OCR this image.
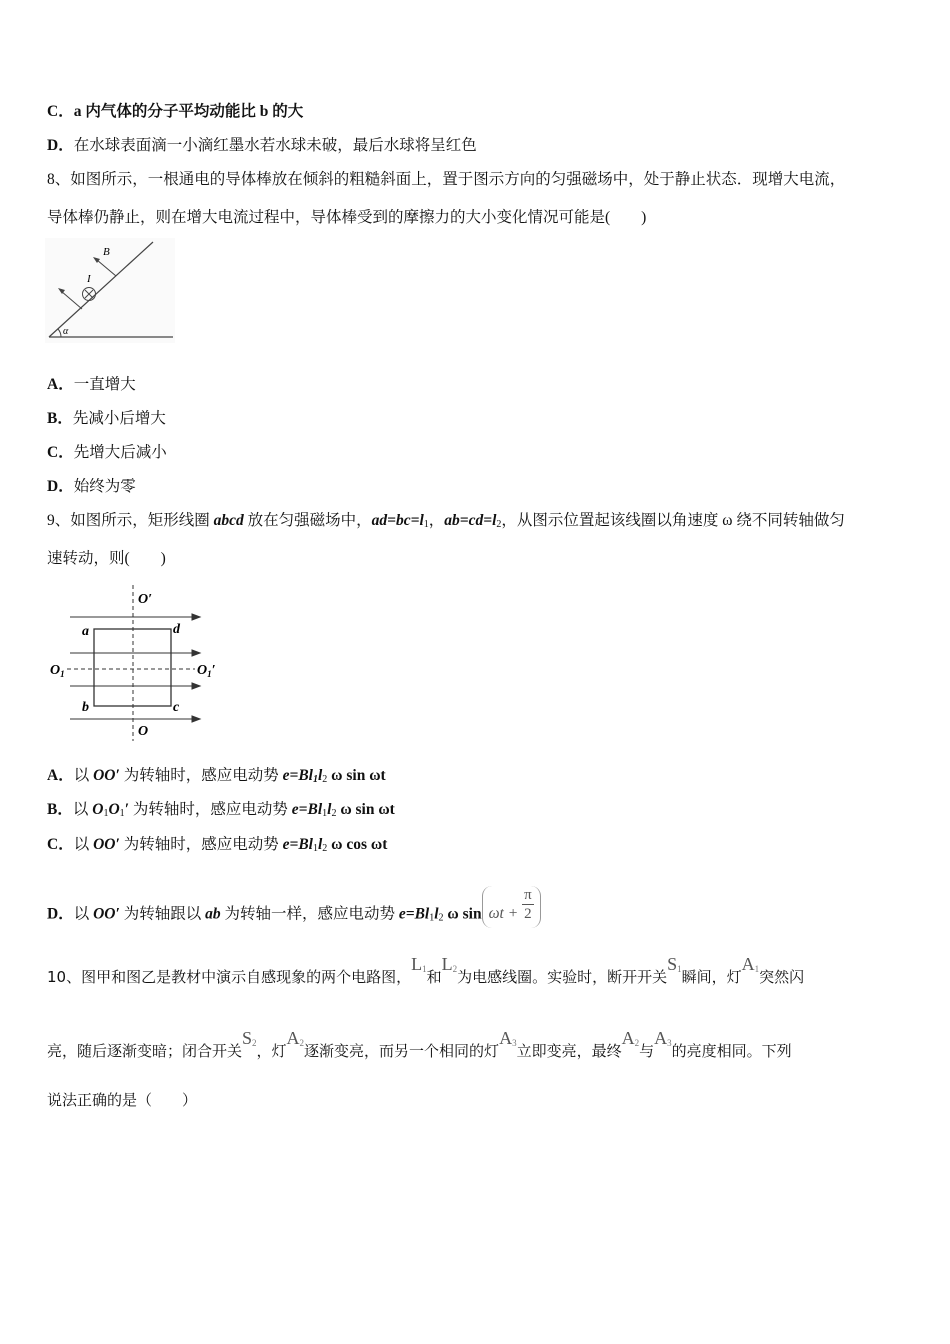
C．a 内气体的分子平均动能比 b 的大
D．在水球表面滴一小滴红墨水若水球未破，最后水球将呈红色
8、如图所示，一根通电的导体棒放在倾斜的粗糙斜面上，置于图示方向的匀强磁场中，处于静止状态．现增大电流，
导体棒仍静止，则在增大电流过程中，导体棒受到的摩擦力的大小变化情况可能是(　　)
B
I
α
A．一直增大
B．先减小后增大
C．先增大后减小
D．始终为零
9、如图所示，矩形线圈 abcd 放在匀强磁场中，$ad=bc=l_1$，$ab=cd=l_2$，从图示位置起该线圈以角速度 ω 绕不同转轴做匀
速转动，则(　　)
O′
O
$O_1$	$O_1'$
a	d
b	c
A．以 OO′ 为转轴时，感应电动势 $e=Bl_1l_2$ ω sin ωt
B．以 $O_1O_1'$ 为转轴时，感应电动势 $e=Bl_1l_2$ ω sin ωt
C．以 OO′ 为转轴时，感应电动势 $e=Bl_1l_2$ ω cos ωt
D．以 OO′ 为转轴跟以 ab 为转轴一样，感应电动势 $e=Bl_1l_2$ ω $\sin \omega t + \frac{\pi}{2}$
10、图甲和图乙是教材中演示自感现象的两个电路图，$L_1$和$L_2$为电感线圈。实验时，断开开关$S_1$瞬间，灯$A_1$突然闪
亮，随后逐渐变暗；闭合开关$S_2$，灯$A_2$逐渐变亮，而另一个相同的灯$A_3$立即变亮，最终$A_2$与$A_3$的亮度相同。下列
说法正确的是（　　）
